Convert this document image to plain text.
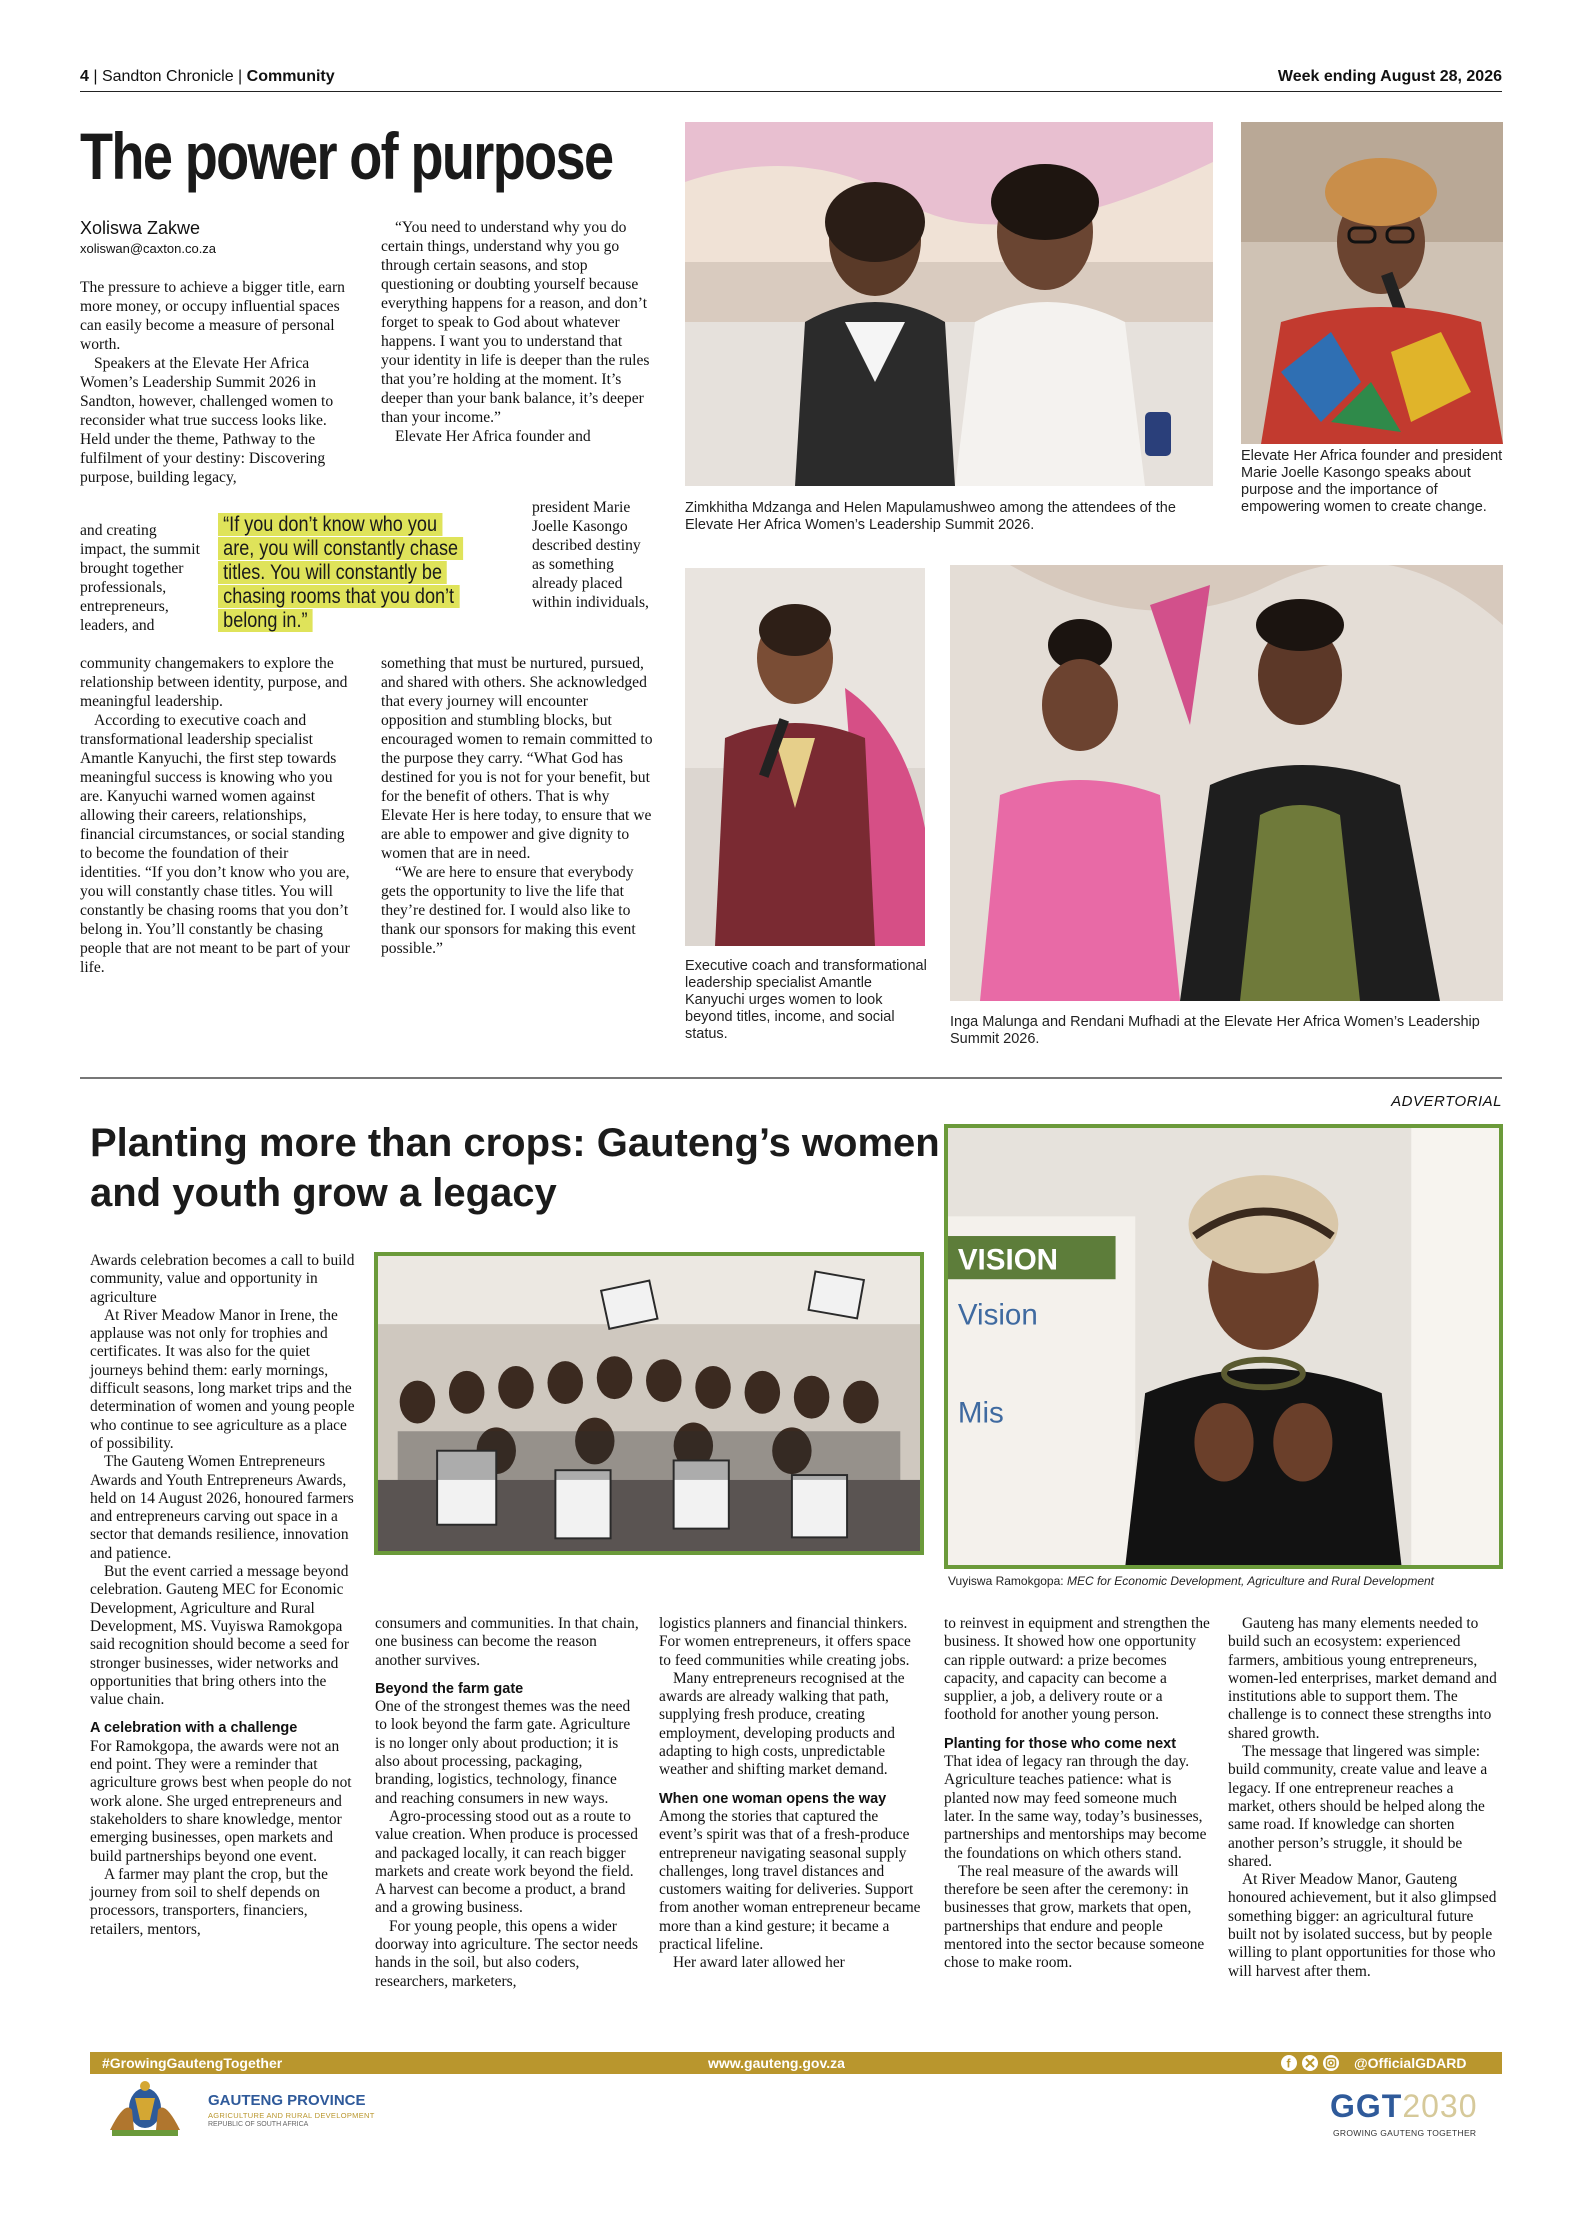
4 | Sandton Chronicle | Community	Week ending August 28, 2026
The power of purpose
Xoliswa Zakwe
xoliswan@caxton.co.za

The pressure to achieve a bigger title, earn more money, or occupy influential spaces can easily become a measure of personal worth.

Speakers at the Elevate Her Africa Women’s Leadership Summit 2026 in Sandton, however, challenged women to reconsider what true success looks like. Held under the theme, Pathway to the fulfilment of your destiny: Discovering purpose, building legacy,

and creating impact, the summit brought together professionals, entrepreneurs, leaders, and

community changemakers to explore the relationship between identity, purpose, and meaningful leadership.

According to executive coach and transformational leadership specialist Amantle Kanyuchi, the first step towards meaningful success is knowing who you are. Kanyuchi warned women against allowing their careers, relationships, financial circumstances, or social standing to become the foundation of their identities. “If you don’t know who you are, you will constantly chase titles. You will constantly be chasing rooms that you don’t belong in. You’ll constantly be chasing people that are not meant to be part of your life.

“You need to understand why you do certain things, understand why you go through certain seasons, and stop questioning or doubting yourself because everything happens for a reason, and don’t forget to speak to God about whatever happens. I want you to understand that your identity in life is deeper than the rules that you’re holding at the moment. It’s deeper than your bank balance, it’s deeper than your income.”

Elevate Her Africa founder and

president Marie Joelle Kasongo described destiny as something already placed within individuals,

something that must be nurtured, pursued, and shared with others. She acknowledged that every journey will encounter opposition and stumbling blocks, but encouraged women to remain committed to the purpose they carry. “What God has destined for you is not for your benefit, but for the benefit of others. That is why Elevate Her is here today, to ensure that we are able to empower and give dignity to women that are in need.

“We are here to ensure that everybody gets the opportunity to live the life that they’re destined for. I would also like to thank our sponsors for making this event possible.”

“If you don’t know who you are, you will constantly chase titles. You will constantly be chasing rooms that you don’t belong in.”
Zimkhitha Mdzanga and Helen Mapulamushweo among the attendees of the Elevate Her Africa Women’s Leadership Summit 2026.
Elevate Her Africa founder and president Marie Joelle Kasongo speaks about purpose and the importance of empowering women to create change.
Executive coach and transformational leadership specialist Amantle Kanyuchi urges women to look beyond titles, income, and social status.
Inga Malunga and Rendani Mufhadi at the Elevate Her Africa Women’s Leadership Summit 2026.
ADVERTORIAL
Planting more than crops: Gauteng’s women and youth grow a legacy
VISION
Vision
Mis
Vuyiswa Ramokgopa: MEC for Economic Development, Agriculture and Rural Development

Awards celebration becomes a call to build community, value and opportunity in agriculture

At River Meadow Manor in Irene, the applause was not only for trophies and certificates. It was also for the quiet journeys behind them: early mornings, difficult seasons, long market trips and the determination of women and young people who continue to see agriculture as a place of possibility.

The Gauteng Women Entrepreneurs Awards and Youth Entrepreneurs Awards, held on 14 August 2026, honoured farmers and entrepreneurs carving out space in a sector that demands resilience, innovation and patience.

But the event carried a message beyond celebration. Gauteng MEC for Economic Development, Agriculture and Rural Development, MS. Vuyiswa Ramokgopa said recognition should become a seed for stronger businesses, wider networks and opportunities that bring others into the value chain.

A celebration with a challenge

For Ramokgopa, the awards were not an end point. They were a reminder that agriculture grows best when people do not work alone. She urged entrepreneurs and stakeholders to share knowledge, mentor emerging businesses, open markets and build partnerships beyond one event.

A farmer may plant the crop, but the journey from soil to shelf depends on processors, transporters, financiers, retailers, mentors,

consumers and communities. In that chain, one business can become the reason another survives.

Beyond the farm gate

One of the strongest themes was the need to look beyond the farm gate. Agriculture is no longer only about production; it is also about processing, packaging, branding, logistics, technology, finance and reaching consumers in new ways.

Agro-processing stood out as a route to value creation. When produce is processed and packaged locally, it can reach bigger markets and create work beyond the field. A harvest can become a product, a brand and a growing business.

For young people, this opens a wider doorway into agriculture. The sector needs hands in the soil, but also coders, researchers, marketers,

logistics planners and financial thinkers. For women entrepreneurs, it offers space to feed communities while creating jobs.

Many entrepreneurs recognised at the awards are already walking that path, supplying fresh produce, creating employment, developing products and adapting to high costs, unpredictable weather and shifting market demand.

When one woman opens the way

Among the stories that captured the event’s spirit was that of a fresh-produce entrepreneur navigating seasonal supply challenges, long travel distances and customers waiting for deliveries. Support from another woman entrepreneur became more than a kind gesture; it became a practical lifeline.

Her award later allowed her

to reinvest in equipment and strengthen the business. It showed how one opportunity can ripple outward: a prize becomes capacity, and capacity can become a supplier, a job, a delivery route or a foothold for another young person.

Planting for those who come next

That idea of legacy ran through the day. Agriculture teaches patience: what is planted now may feed someone much later. In the same way, today’s businesses, partnerships and mentorships may become the foundations on which others stand.

The real measure of the awards will therefore be seen after the ceremony: in businesses that grow, markets that open, partnerships that endure and people mentored into the sector because someone chose to make room.

Gauteng has many elements needed to build such an ecosystem: experienced farmers, ambitious young entrepreneurs, women-led enterprises, market demand and institutions able to support them. The challenge is to connect these strengths into shared growth.

The message that lingered was simple: build community, create value and leave a legacy. If one entrepreneur reaches a market, others should be helped along the same road. If knowledge can shorten another person’s struggle, it should be shared.

At River Meadow Manor, Gauteng honoured achievement, but it also glimpsed something bigger: an agricultural future built not by isolated success, but by people willing to plant opportunities for those who will harvest after them.

#GrowingGautengTogether	www.gauteng.gov.za	f	@OfficialGDARD
GAUTENG PROVINCE
AGRICULTURE AND RURAL DEVELOPMENT
REPUBLIC OF SOUTH AFRICA
GGT2030
GROWING GAUTENG TOGETHER
